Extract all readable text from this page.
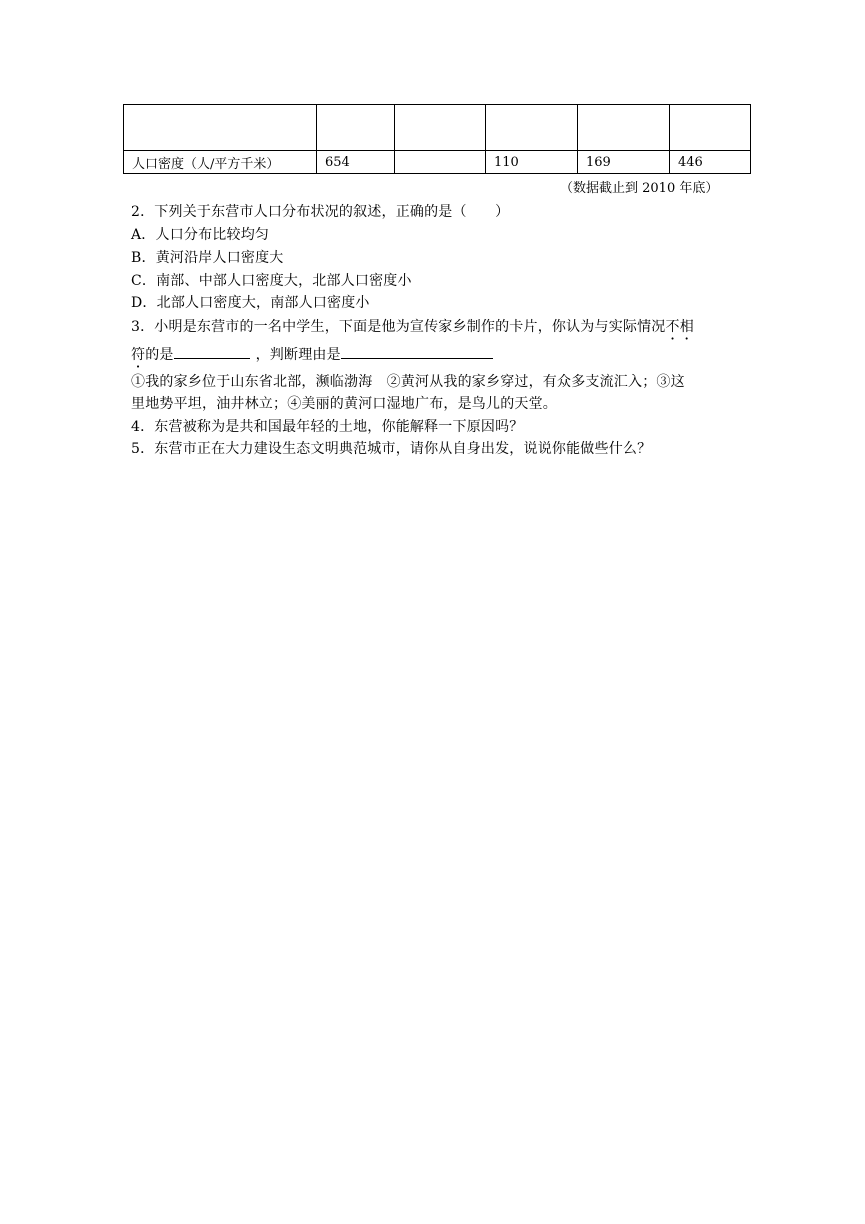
人口密度（人/平方千米）	654		110	169	446
（数据截止到 2010 年底）
2．下列关于东营市人口分布状况的叙述，正确的是（　　）
A．人口分布比较均匀
B．黄河沿岸人口密度大
C．南部、中部人口密度大，北部人口密度小
D．北部人口密度大，南部人口密度小
3．小明是东营市的一名中学生，下面是他为宣传家乡制作的卡片，你认为与实际情况不相
符的是	，判断理由是
①我的家乡位于山东省北部，濒临渤海　②黄河从我的家乡穿过，有众多支流汇入；③这
里地势平坦，油井林立；④美丽的黄河口湿地广布，是鸟儿的天堂。
4．东营被称为是共和国最年轻的土地，你能解释一下原因吗？
5．东营市正在大力建设生态文明典范城市，请你从自身出发，说说你能做些什么？
